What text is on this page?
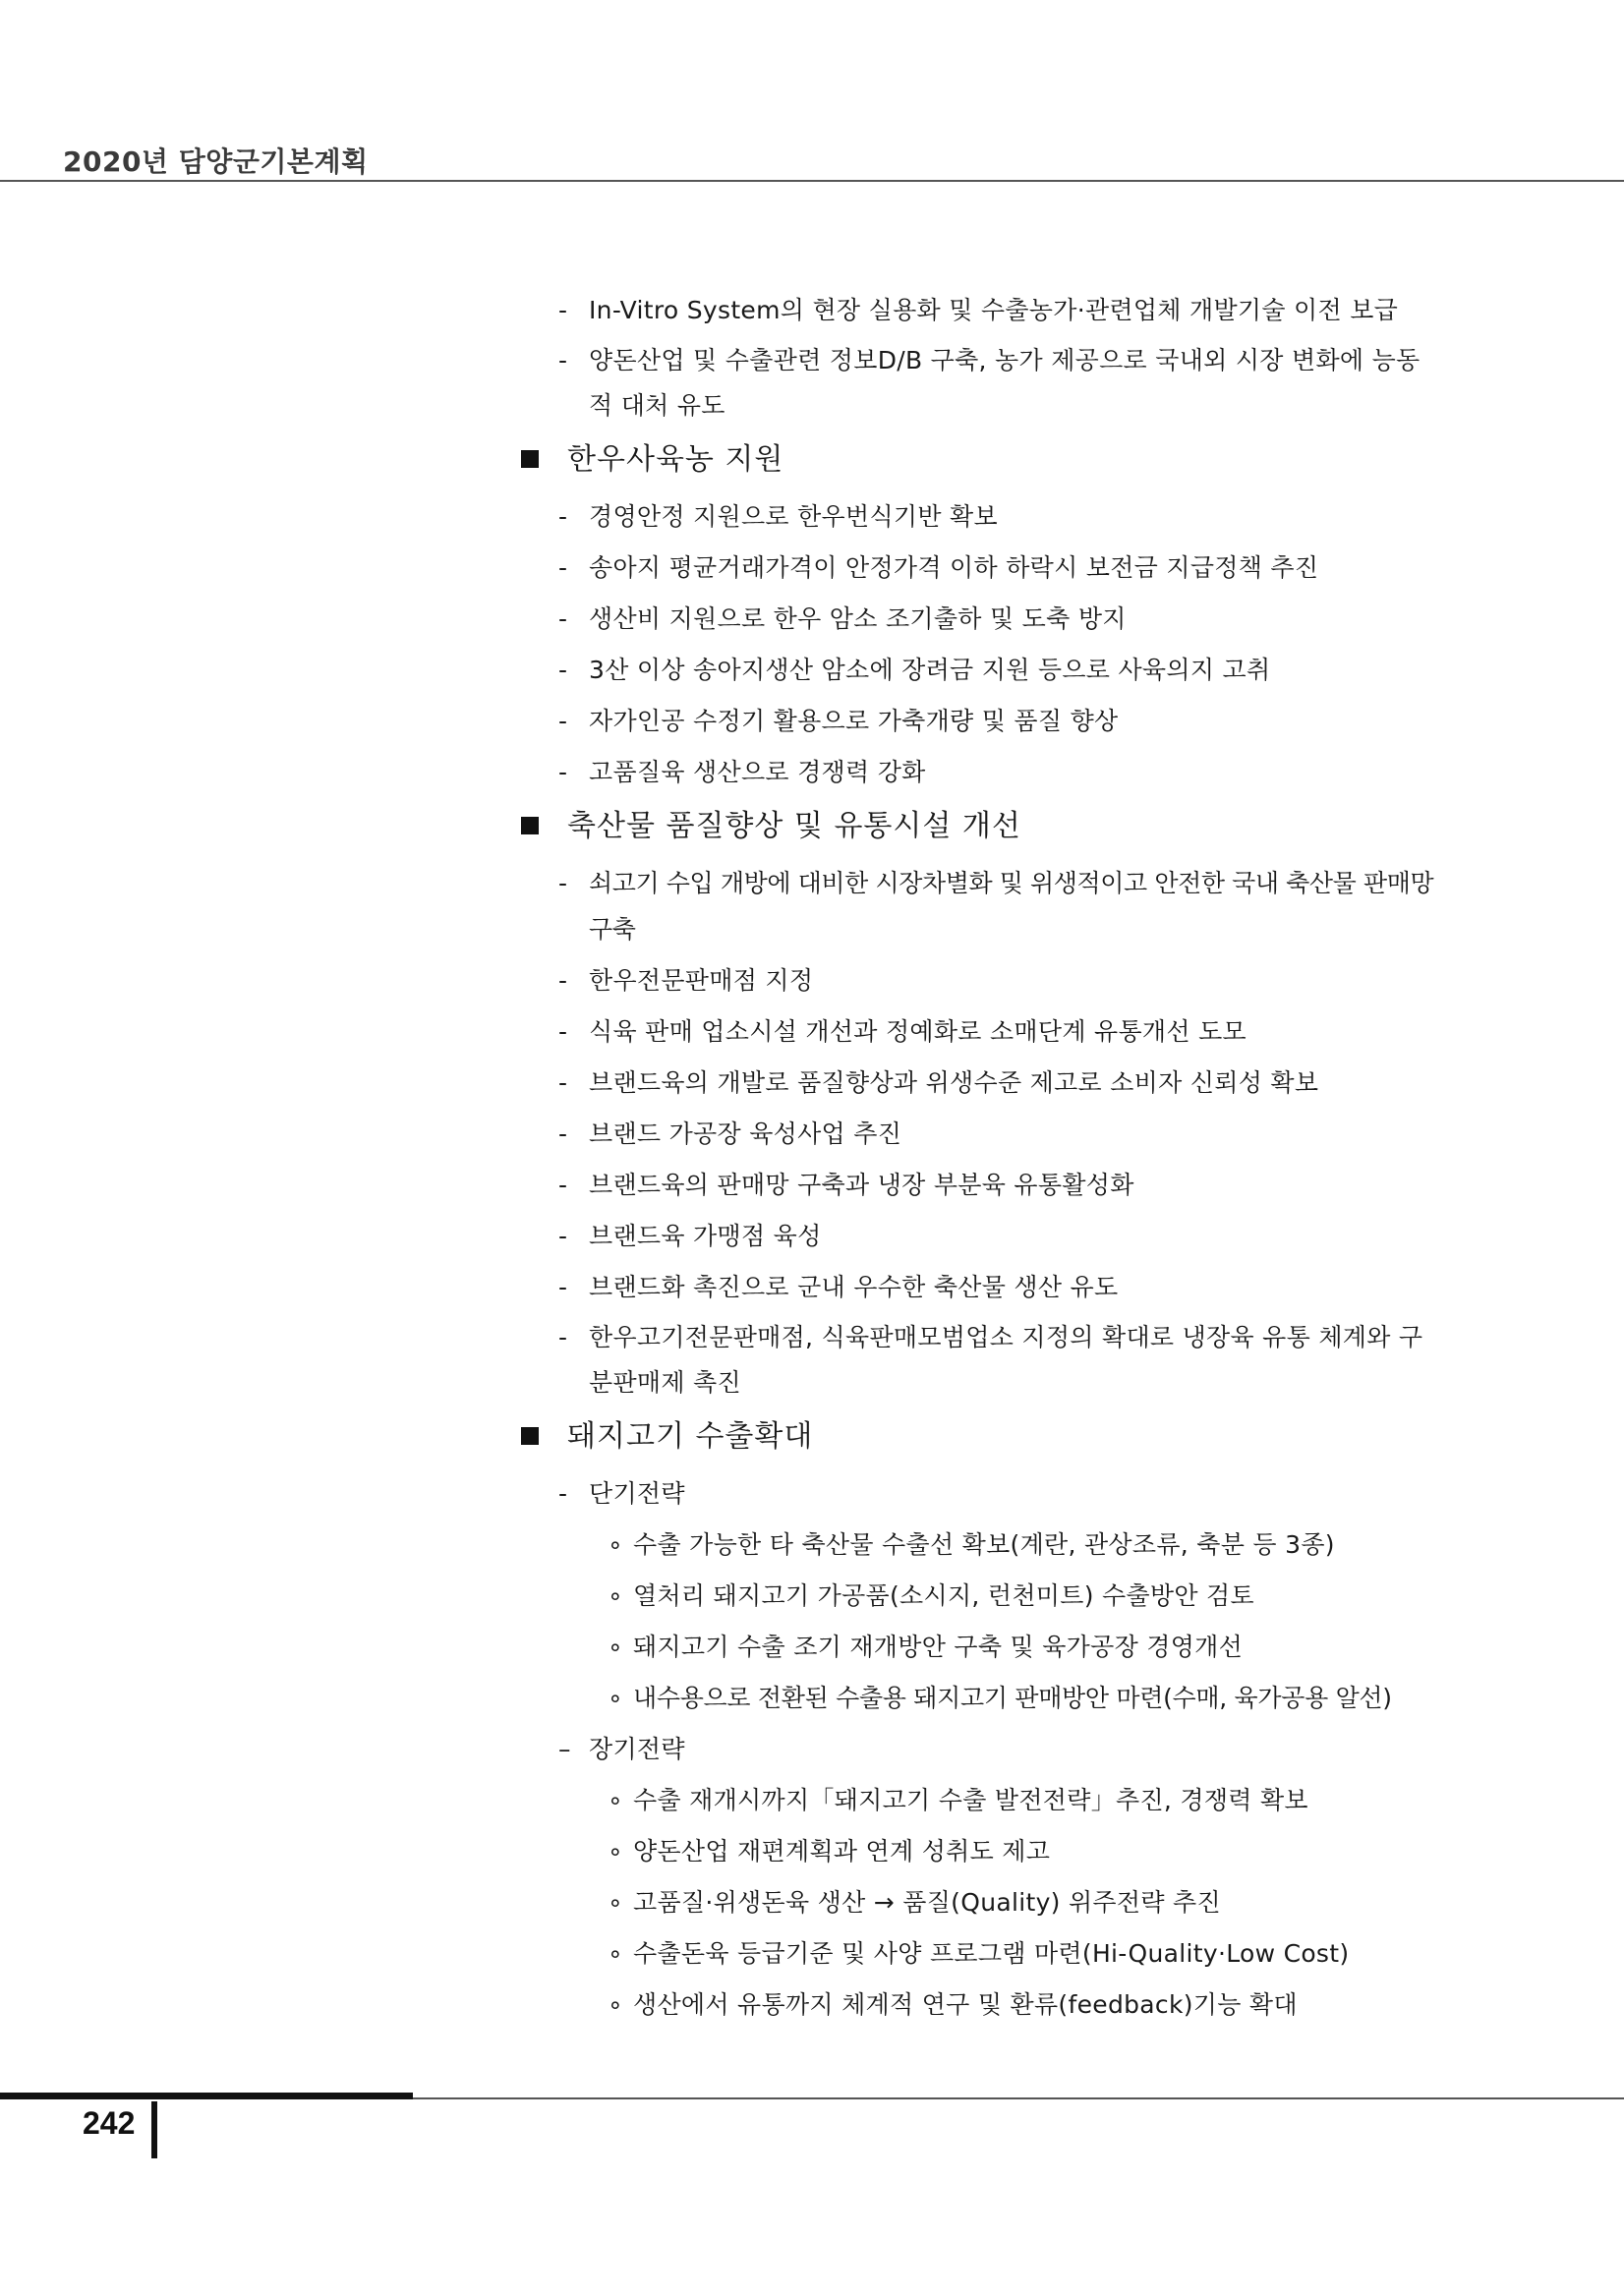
2020년 담양군기본계획
- In-Vitro System의 현장 실용화 및 수출농가·관련업체 개발기술 이전 보급
- 양돈산업 및 수출관련 정보D/B 구축, 농가 제공으로 국내외 시장 변화에 능동적 대처 유도
한우사육농 지원
- 경영안정 지원으로 한우번식기반 확보
- 송아지 평균거래가격이 안정가격 이하 하락시 보전금 지급정책 추진
- 생산비 지원으로 한우 암소 조기출하 및 도축 방지
- 3산 이상 송아지생산 암소에 장려금 지원 등으로 사육의지 고취
- 자가인공 수정기 활용으로 가축개량 및 품질 향상
- 고품질육 생산으로 경쟁력 강화
축산물 품질향상 및 유통시설 개선
- 쇠고기 수입 개방에 대비한 시장차별화 및 위생적이고 안전한 국내 축산물 판매망 구축
- 한우전문판매점 지정
- 식육 판매 업소시설 개선과 정예화로 소매단계 유통개선 도모
- 브랜드육의 개발로 품질향상과 위생수준 제고로 소비자 신뢰성 확보
- 브랜드 가공장 육성사업 추진
- 브랜드육의 판매망 구축과 냉장 부분육 유통활성화
- 브랜드육 가맹점 육성
- 브랜드화 촉진으로 군내 우수한 축산물 생산 유도
- 한우고기전문판매점, 식육판매모범업소 지정의 확대로 냉장육 유통 체계와 구분판매제 촉진
돼지고기 수출확대
- 단기전략
∘ 수출 가능한 타 축산물 수출선 확보(계란, 관상조류, 축분 등 3종)
∘ 열처리 돼지고기 가공품(소시지, 런천미트) 수출방안 검토
∘ 돼지고기 수출 조기 재개방안 구축 및 육가공장 경영개선
∘ 내수용으로 전환된 수출용 돼지고기 판매방안 마련(수매, 육가공용 알선)
– 장기전략
∘ 수출 재개시까지「돼지고기 수출 발전전략」추진, 경쟁력 확보
∘ 양돈산업 재편계획과 연계 성취도 제고
∘ 고품질·위생돈육 생산 → 품질(Quality) 위주전략 추진
∘ 수출돈육 등급기준 및 사양 프로그램 마련(Hi-Quality·Low Cost)
∘ 생산에서 유통까지 체계적 연구 및 환류(feedback)기능 확대
242
